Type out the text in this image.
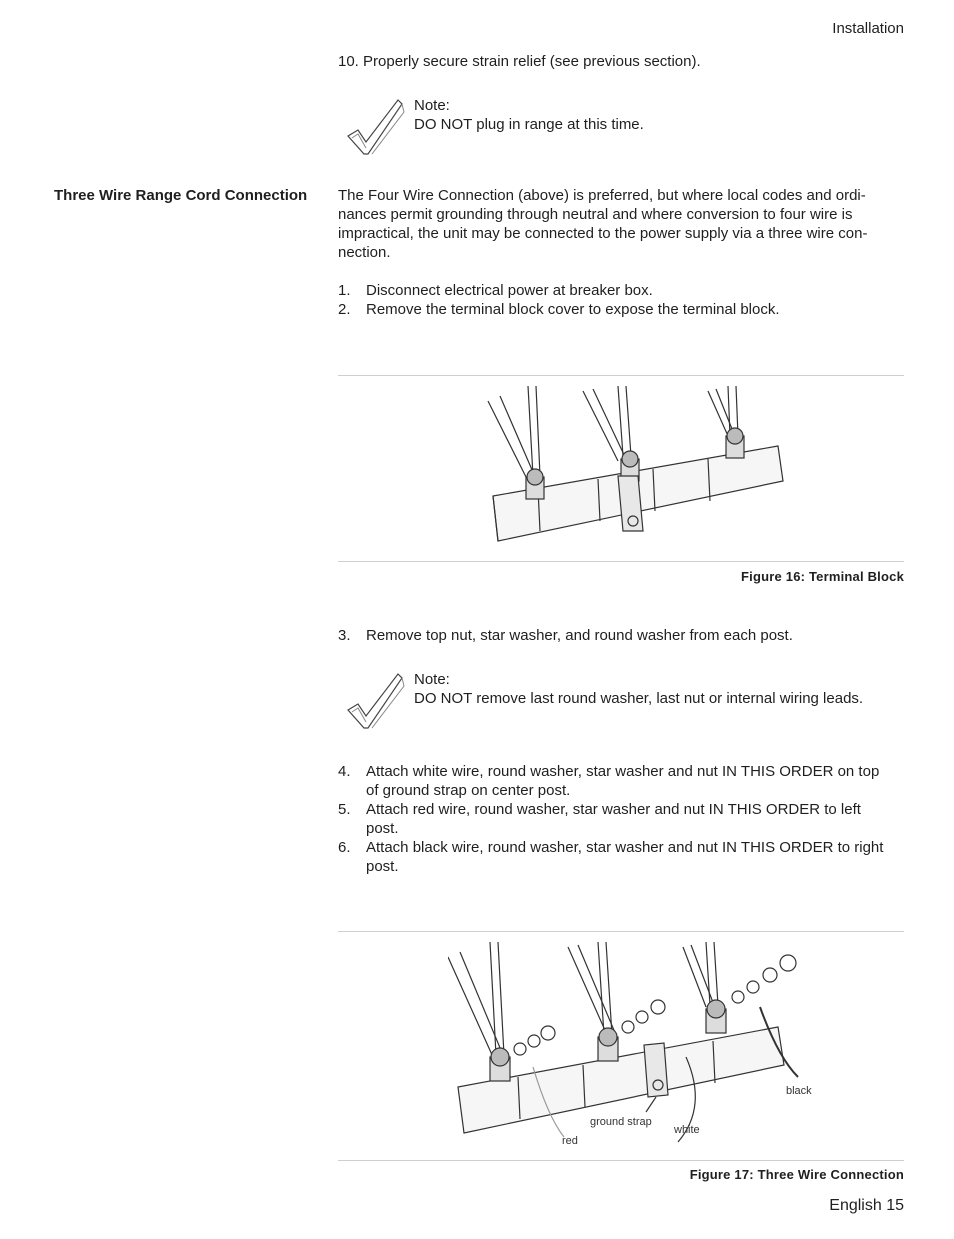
Installation
10. Properly secure strain relief (see previous section).
Note:
DO NOT plug in range at this time.
Three Wire Range Cord Connection The Four Wire Connection (above) is preferred, but where local codes and ordi-
nances permit grounding through neutral and where conversion to four wire is
impractical, the unit may be connected to the power supply via a three wire con-
nection.
1. Disconnect electrical power at breaker box.
2. Remove the terminal block cover to expose the terminal block.
Figure 16: Terminal Block
3. Remove top nut, star washer, and round washer from each post.
Note:
DO NOT remove last round washer, last nut or internal wiring leads.
4. Attach white wire, round washer, star washer and nut IN THIS ORDER on top
of ground strap on center post.
5. Attach red wire, round washer, star washer and nut IN THIS ORDER to left
post.
6. Attach black wire, round washer, star washer and nut IN THIS ORDER to right
post.
black
ground strap
white
red
Figure 17: Three Wire Connection
English 15
